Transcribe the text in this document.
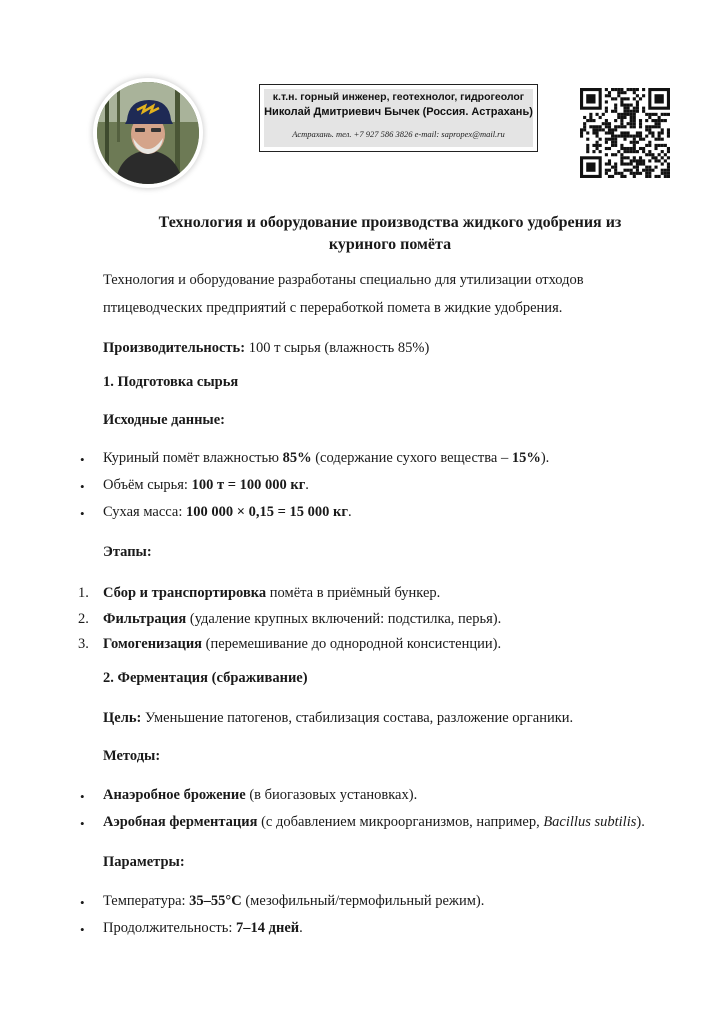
к.т.н. горный инженер, геотехнолог, гидрогеолог
Николай Дмитриевич Бычек (Россия. Астрахань)
Астрахань. тел. +7 927 586 3826 e-mail: sapropex@mail.ru
Технология и оборудование производства жидкого удобрения из
куриного помёта
Технология и оборудование разработаны специально для утилизации отходов
птицеводческих предприятий с переработкой помета в жидкие удобрения.
Производительность: 100 т сырья (влажность 85%)
1. Подготовка сырья
Исходные данные:
• Куриный помёт влажностью 85% (содержание сухого вещества – 15%).
• Объём сырья: 100 т = 100 000 кг.
• Сухая масса: 100 000 × 0,15 = 15 000 кг.
Этапы:
1. Сбор и транспортировка помёта в приёмный бункер.
2. Фильтрация (удаление крупных включений: подстилка, перья).
3. Гомогенизация (перемешивание до однородной консистенции).
2. Ферментация (сбраживание)
Цель: Уменьшение патогенов, стабилизация состава, разложение органики.
Методы:
• Анаэробное брожение (в биогазовых установках).
• Аэробная ферментация (с добавлением микроорганизмов, например, Bacillus subtilis).
Параметры:
• Температура: 35–55°C (мезофильный/термофильный режим).
• Продолжительность: 7–14 дней.
